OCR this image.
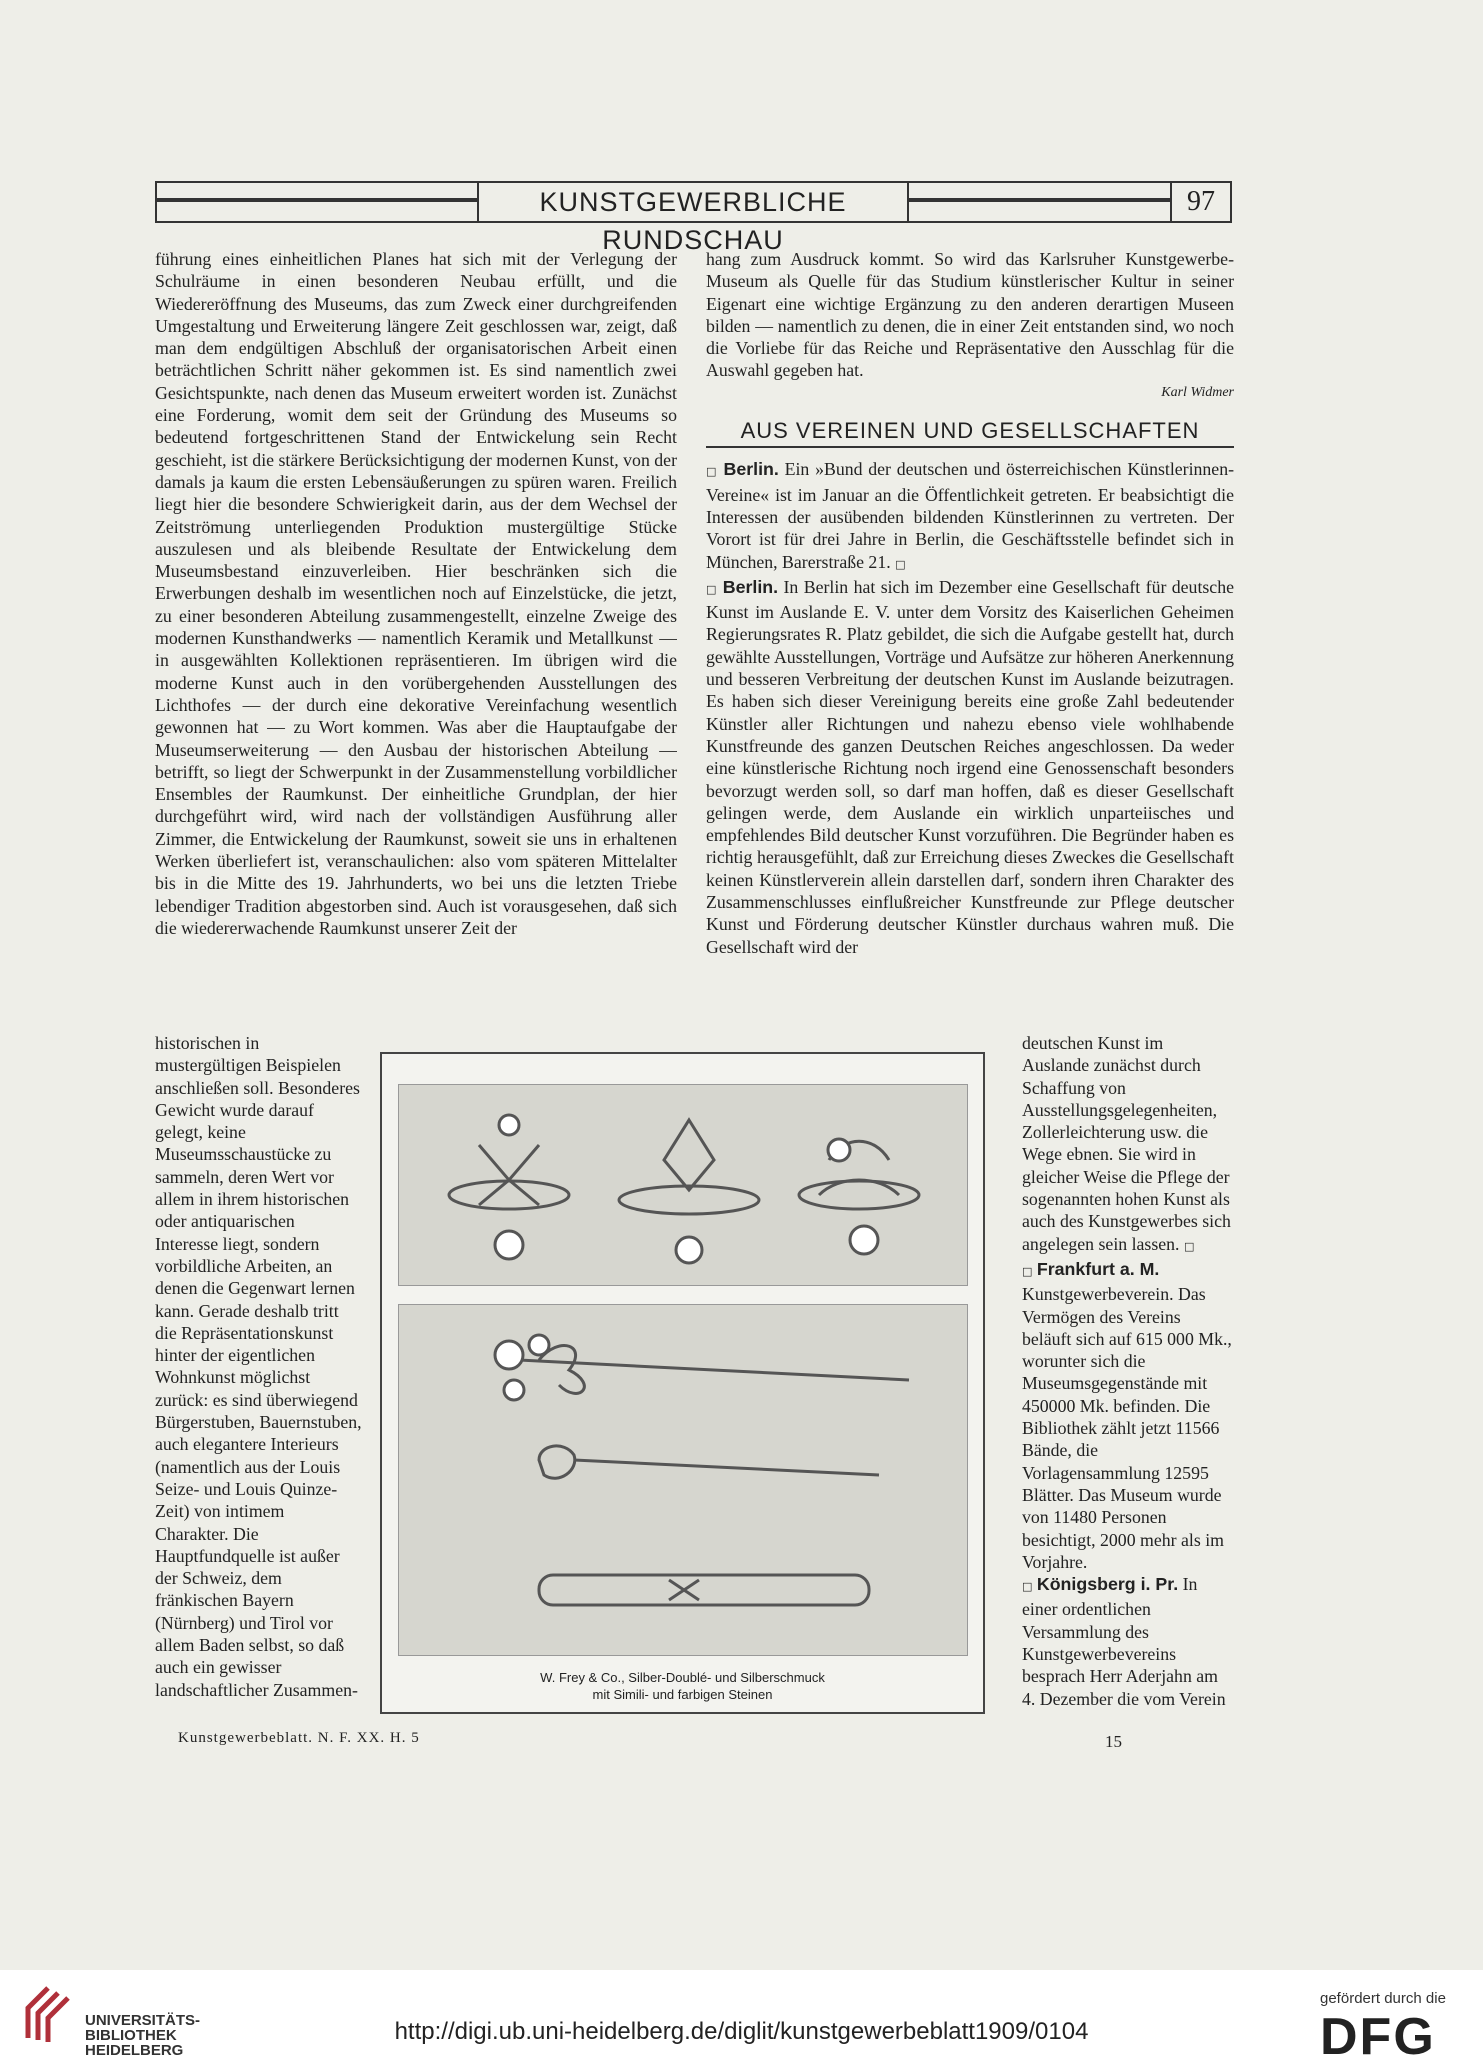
KUNSTGEWERBLICHE RUNDSCHAU
97

führung eines einheitlichen Planes hat sich mit der Verlegung der Schulräume in einen besonderen Neubau erfüllt, und die Wiedereröffnung des Museums, das zum Zweck einer durchgreifenden Umgestaltung und Erweiterung längere Zeit geschlossen war, zeigt, daß man dem endgültigen Abschluß der organisatorischen Arbeit einen beträchtlichen Schritt näher gekommen ist. Es sind namentlich zwei Gesichtspunkte, nach denen das Museum erweitert worden ist. Zunächst eine Forderung, womit dem seit der Gründung des Museums so bedeutend fortgeschrittenen Stand der Entwickelung sein Recht geschieht, ist die stärkere Berücksichtigung der modernen Kunst, von der damals ja kaum die ersten Lebensäußerungen zu spüren waren. Freilich liegt hier die besondere Schwierigkeit darin, aus der dem Wechsel der Zeitströmung unterliegenden Produktion mustergültige Stücke auszulesen und als bleibende Resultate der Entwickelung dem Museumsbestand einzuverleiben. Hier beschränken sich die Erwerbungen deshalb im wesentlichen noch auf Einzelstücke, die jetzt, zu einer besonderen Abteilung zusammengestellt, einzelne Zweige des modernen Kunsthandwerks — namentlich Keramik und Metallkunst — in ausgewählten Kollektionen repräsentieren. Im übrigen wird die moderne Kunst auch in den vorübergehenden Ausstellungen des Lichthofes — der durch eine dekorative Vereinfachung wesentlich gewonnen hat — zu Wort kommen. Was aber die Hauptaufgabe der Museumserweiterung — den Ausbau der historischen Abteilung — betrifft, so liegt der Schwerpunkt in der Zusammenstellung vorbildlicher Ensembles der Raumkunst. Der einheitliche Grundplan, der hier durchgeführt wird, wird nach der vollständigen Ausführung aller Zimmer, die Entwickelung der Raumkunst, soweit sie uns in erhaltenen Werken überliefert ist, veranschaulichen: also vom späteren Mittelalter bis in die Mitte des 19. Jahrhunderts, wo bei uns die letzten Triebe lebendiger Tradition abgestorben sind. Auch ist vorausgesehen, daß sich die wiedererwachende Raumkunst unserer Zeit der

historischen in mustergültigen Beispielen anschließen soll. Besonderes Gewicht wurde darauf gelegt, keine Museumsschaustücke zu sammeln, deren Wert vor allem in ihrem historischen oder antiquarischen Interesse liegt, sondern vorbildliche Arbeiten, an denen die Gegenwart lernen kann. Gerade deshalb tritt die Repräsentationskunst hinter der eigentlichen Wohnkunst möglichst zurück: es sind überwiegend Bürgerstuben, Bauernstuben, auch elegantere Interieurs (namentlich aus der Louis Seize- und Louis Quinze-Zeit) von intimem Charakter. Die Hauptfundquelle ist außer der Schweiz, dem fränkischen Bayern (Nürnberg) und Tirol vor allem Baden selbst, so daß auch ein gewisser landschaftlicher Zusammen-

hang zum Ausdruck kommt. So wird das Karlsruher Kunstgewerbe-Museum als Quelle für das Studium künstlerischer Kultur in seiner Eigenart eine wichtige Ergänzung zu den anderen derartigen Museen bilden — namentlich zu denen, die in einer Zeit entstanden sind, wo noch die Vorliebe für das Reiche und Repräsentative den Ausschlag für die Auswahl gegeben hat.

Karl Widmer

AUS VEREINEN UND GESELLSCHAFTEN

□ Berlin. Ein »Bund der deutschen und österreichischen Künstlerinnen-Vereine« ist im Januar an die Öffentlichkeit getreten. Er beabsichtigt die Interessen der ausübenden bildenden Künstlerinnen zu vertreten. Der Vorort ist für drei Jahre in Berlin, die Geschäftsstelle befindet sich in München, Barerstraße 21. □

□ Berlin. In Berlin hat sich im Dezember eine Gesellschaft für deutsche Kunst im Auslande E. V. unter dem Vorsitz des Kaiserlichen Geheimen Regierungsrates R. Platz gebildet, die sich die Aufgabe gestellt hat, durch gewählte Ausstellungen, Vorträge und Aufsätze zur höheren Anerkennung und besseren Verbreitung der deutschen Kunst im Auslande beizutragen. Es haben sich dieser Vereinigung bereits eine große Zahl bedeutender Künstler aller Richtungen und nahezu ebenso viele wohlhabende Kunstfreunde des ganzen Deutschen Reiches angeschlossen. Da weder eine künstlerische Richtung noch irgend eine Genossenschaft besonders bevorzugt werden soll, so darf man hoffen, daß es dieser Gesellschaft gelingen werde, dem Auslande ein wirklich unparteiisches und empfehlendes Bild deutscher Kunst vorzuführen. Die Begründer haben es richtig herausgefühlt, daß zur Erreichung dieses Zweckes die Gesellschaft keinen Künstlerverein allein darstellen darf, sondern ihren Charakter des Zusammenschlusses einflußreicher Kunstfreunde zur Pflege deutscher Kunst und Förderung deutscher Künstler durchaus wahren muß. Die Gesellschaft wird der

deutschen Kunst im Auslande zunächst durch Schaffung von Ausstellungsgelegenheiten, Zollerleichterung usw. die Wege ebnen. Sie wird in gleicher Weise die Pflege der sogenannten hohen Kunst als auch des Kunstgewerbes sich angelegen sein lassen. □

□ Frankfurt a. M. Kunstgewerbeverein. Das Vermögen des Vereins beläuft sich auf 615 000 Mk., worunter sich die Museumsgegenstände mit 450000 Mk. befinden. Die Bibliothek zählt jetzt 11566 Bände, die Vorlagensammlung 12595 Blätter. Das Museum wurde von 11480 Personen besichtigt, 2000 mehr als im Vorjahre.

□ Königsberg i. Pr. In einer ordentlichen Versammlung des Kunstgewerbevereins besprach Herr Aderjahn am 4. Dezember die vom Verein

W. Frey & Co., Silber-Doublé- und Silberschmuck
mit Simili- und farbigen Steinen
Kunstgewerbeblatt. N. F. XX. H. 5	15
UNIVERSITÄTS-
BIBLIOTHEK
HEIDELBERG
http://digi.ub.uni-heidelberg.de/diglit/kunstgewerbeblatt1909/0104
gefördert durch die
DFG
